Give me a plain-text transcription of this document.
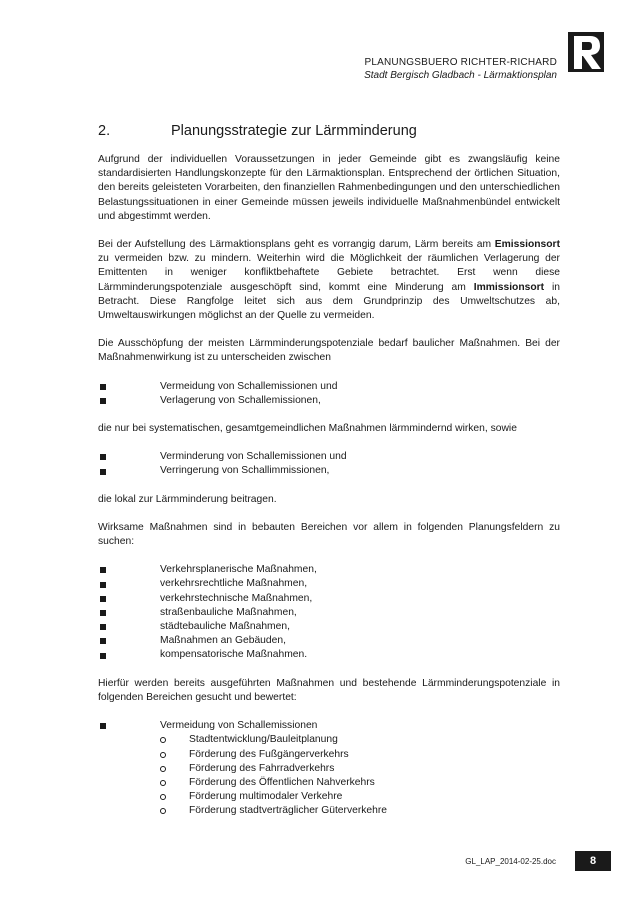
PLANUNGSBUERO RICHTER-RICHARD
Stadt Bergisch Gladbach - Lärmaktionsplan
2.	Planungsstrategie zur Lärmminderung

Aufgrund der individuellen Voraussetzungen in jeder Gemeinde gibt es zwangsläufig keine standardisierten Handlungskonzepte für den Lärmaktionsplan. Entsprechend der örtlichen Situation, den bereits geleisteten Vorarbeiten, den finanziellen Rahmenbedingungen und den unterschiedlichen Belastungssituationen in einer Gemeinde müssen jeweils individuelle Maßnahmenbündel entwickelt und abgestimmt werden.

Bei der Aufstellung des Lärmaktionsplans geht es vorrangig darum, Lärm bereits am Emissionsort zu vermeiden bzw. zu mindern. Weiterhin wird die Möglichkeit der räumlichen Verlagerung der Emittenten in weniger konfliktbehaftete Gebiete betrachtet. Erst wenn diese Lärmminderungspotenziale ausgeschöpft sind, kommt eine Minderung am Immissionsort in Betracht. Diese Rangfolge leitet sich aus dem Grundprinzip des Umweltschutzes ab, Umweltauswirkungen möglichst an der Quelle zu vermeiden.

Die Ausschöpfung der meisten Lärmminderungspotenziale bedarf baulicher Maßnahmen. Bei der Maßnahmenwirkung ist zu unterscheiden zwischen

Vermeidung von Schallemissionen und
Verlagerung von Schallemissionen,

die nur bei systematischen, gesamtgemeindlichen Maßnahmen lärmmindernd wirken, sowie

Verminderung von Schallemissionen und
Verringerung von Schallimmissionen,

die lokal zur Lärmminderung beitragen.

Wirksame Maßnahmen sind in bebauten Bereichen vor allem in folgenden Planungsfeldern zu suchen:

Verkehrsplanerische Maßnahmen,
verkehrsrechtliche Maßnahmen,
verkehrstechnische Maßnahmen,
straßenbauliche Maßnahmen,
städtebauliche Maßnahmen,
Maßnahmen an Gebäuden,
kompensatorische Maßnahmen.

Hierfür werden bereits ausgeführten Maßnahmen und bestehende Lärmminderungspotenziale in folgenden Bereichen gesucht und bewertet:

Vermeidung von Schallemissionen
Stadtentwicklung/Bauleitplanung
Förderung des Fußgängerverkehrs
Förderung des Fahrradverkehrs
Förderung des Öffentlichen Nahverkehrs
Förderung multimodaler Verkehre
Förderung stadtverträglicher Güterverkehre
GL_LAP_2014-02-25.doc	8
